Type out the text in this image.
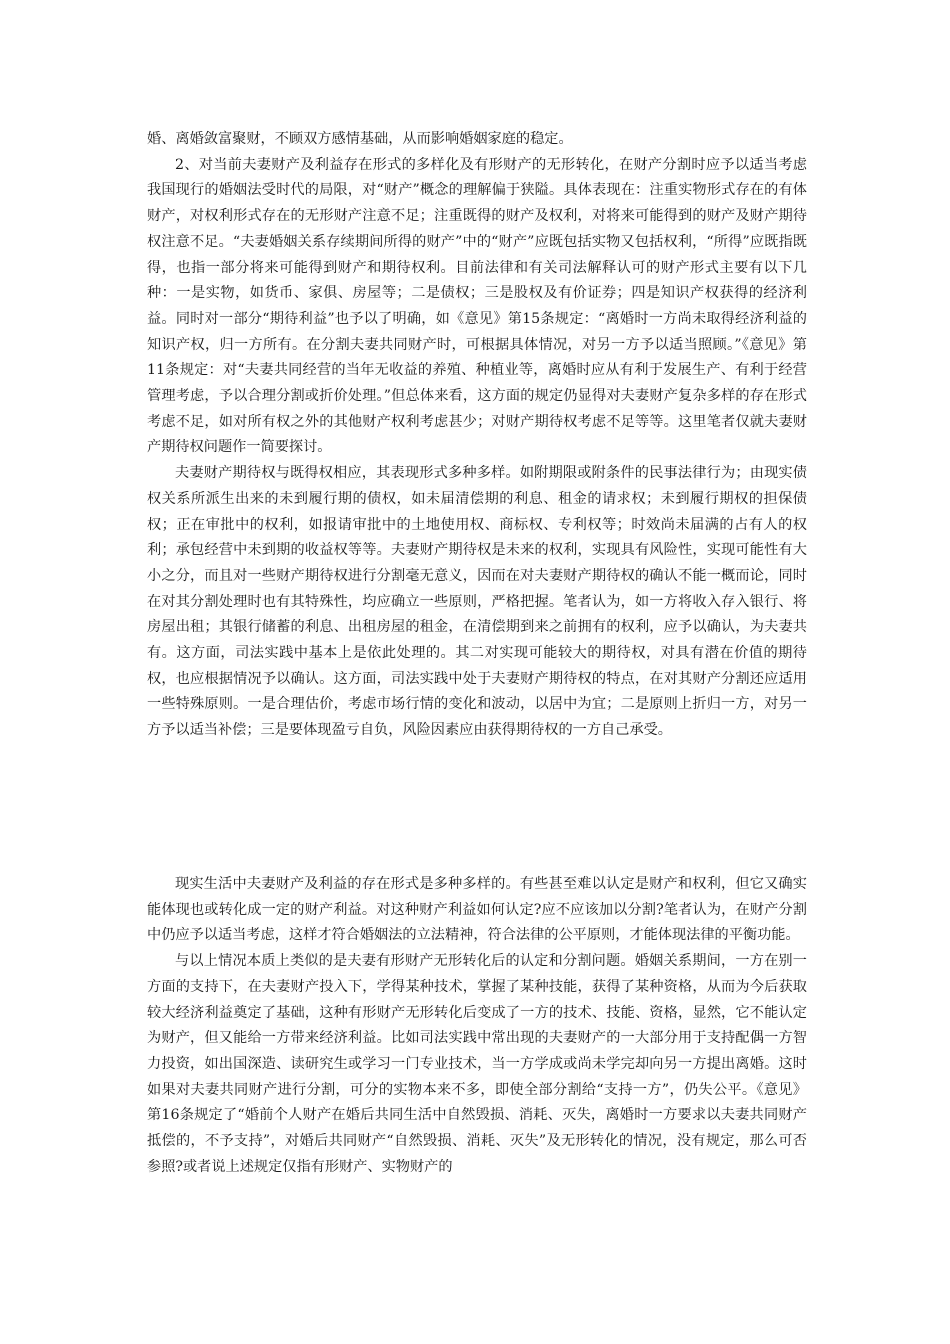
婚、离婚敛富聚财，不顾双方感情基础，从而影响婚姻家庭的稳定。

2、对当前夫妻财产及利益存在形式的多样化及有形财产的无形转化，在财产分割时应予以适当考虑我国现行的婚姻法受时代的局限，对“财产”概念的理解偏于狭隘。具体表现在：注重实物形式存在的有体财产，对权利形式存在的无形财产注意不足；注重既得的财产及权利，对将来可能得到的财产及财产期待权注意不足。“夫妻婚姻关系存续期间所得的财产”中的“财产”应既包括实物又包括权利，“所得”应既指既得，也指一部分将来可能得到财产和期待权利。目前法律和有关司法解释认可的财产形式主要有以下几种：一是实物，如货币、家俱、房屋等；二是债权；三是股权及有价证券；四是知识产权获得的经济利益。同时对一部分“期待利益”也予以了明确，如《意见》第15条规定：“离婚时一方尚未取得经济利益的知识产权，归一方所有。在分割夫妻共同财产时，可根据具体情况，对另一方予以适当照顾。”《意见》第11条规定：对“夫妻共同经营的当年无收益的养殖、种植业等，离婚时应从有利于发展生产、有利于经营管理考虑，予以合理分割或折价处理。”但总体来看，这方面的规定仍显得对夫妻财产复杂多样的存在形式考虑不足，如对所有权之外的其他财产权利考虑甚少；对财产期待权考虑不足等等。这里笔者仅就夫妻财产期待权问题作一简要探讨。

夫妻财产期待权与既得权相应，其表现形式多种多样。如附期限或附条件的民事法律行为；由现实债权关系所派生出来的未到履行期的债权，如未届清偿期的利息、租金的请求权；未到履行期权的担保债权；正在审批中的权利，如报请审批中的土地使用权、商标权、专利权等；时效尚未届满的占有人的权利；承包经营中未到期的收益权等等。夫妻财产期待权是未来的权利，实现具有风险性，实现可能性有大小之分，而且对一些财产期待权进行分割毫无意义，因而在对夫妻财产期待权的确认不能一概而论，同时在对其分割处理时也有其特殊性，均应确立一些原则，严格把握。笔者认为，如一方将收入存入银行、将房屋出租；其银行储蓄的利息、出租房屋的租金，在清偿期到来之前拥有的权利，应予以确认，为夫妻共有。这方面，司法实践中基本上是依此处理的。其二对实现可能较大的期待权，对具有潜在价值的期待权，也应根据情况予以确认。这方面，司法实践中处于夫妻财产期待权的特点，在对其财产分割还应适用一些特殊原则。一是合理估价，考虑市场行情的变化和波动，以居中为宜；二是原则上折归一方，对另一方予以适当补偿；三是要体现盈亏自负，风险因素应由获得期待权的一方自己承受。

现实生活中夫妻财产及利益的存在形式是多种多样的。有些甚至难以认定是财产和权利，但它又确实能体现也或转化成一定的财产利益。对这种财产利益如何认定?应不应该加以分割?笔者认为，在财产分割中仍应予以适当考虑，这样才符合婚姻法的立法精神，符合法律的公平原则，才能体现法律的平衡功能。

与以上情况本质上类似的是夫妻有形财产无形转化后的认定和分割问题。婚姻关系期间，一方在别一方面的支持下，在夫妻财产投入下，学得某种技术，掌握了某种技能，获得了某种资格，从而为今后获取较大经济利益奠定了基础，这种有形财产无形转化后变成了一方的技术、技能、资格，显然，它不能认定为财产，但又能给一方带来经济利益。比如司法实践中常出现的夫妻财产的一大部分用于支持配偶一方智力投资，如出国深造、读研究生或学习一门专业技术，当一方学成或尚未学完却向另一方提出离婚。这时如果对夫妻共同财产进行分割，可分的实物本来不多，即使全部分割给“支持一方”，仍失公平。《意见》第16条规定了“婚前个人财产在婚后共同生活中自然毁损、消耗、灭失，离婚时一方要求以夫妻共同财产抵偿的，不予支持”，对婚后共同财产“自然毁损、消耗、灭失”及无形转化的情况，没有规定，那么可否参照?或者说上述规定仅指有形财产、实物财产的
